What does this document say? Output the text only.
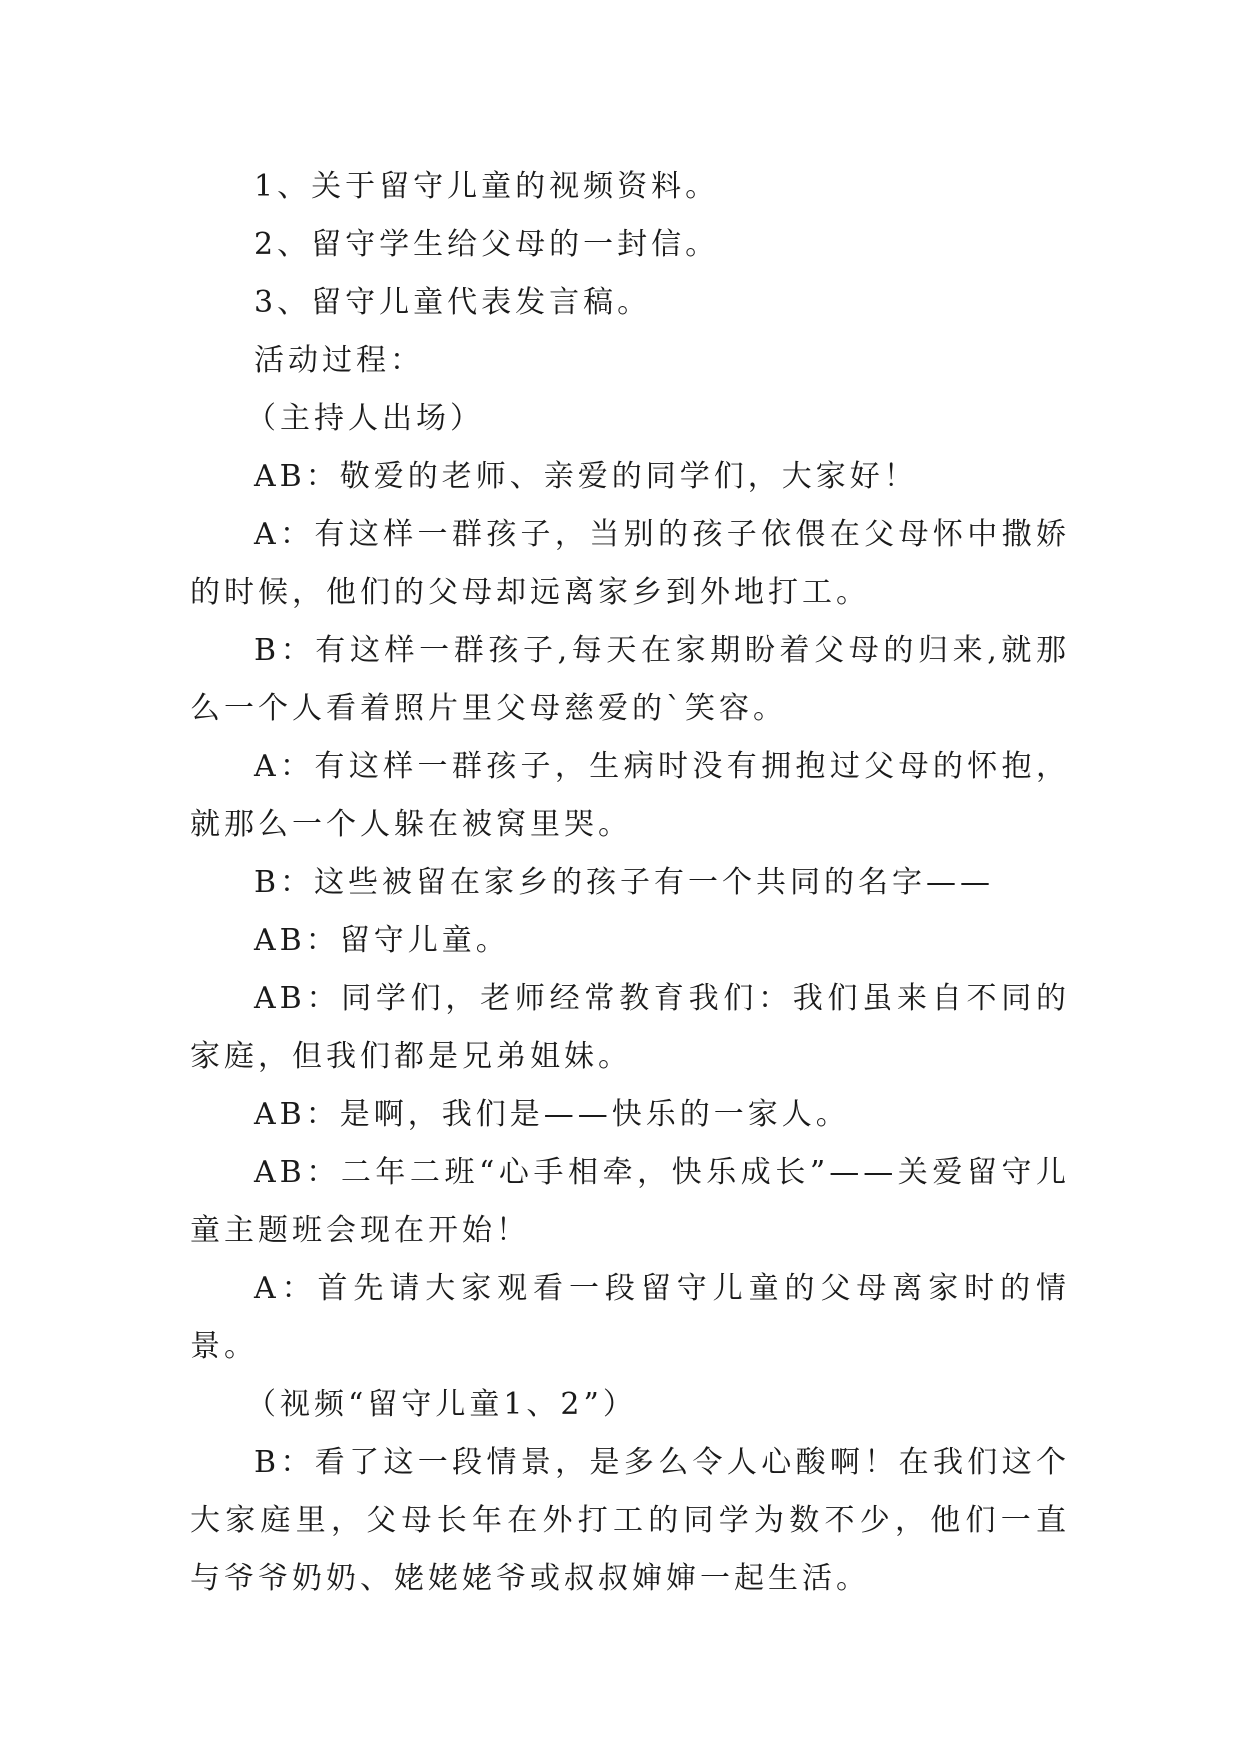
1、关于留守儿童的视频资料。

2、留守学生给父母的一封信。

3、留守儿童代表发言稿。

活动过程：

（主持人出场）

AB：敬爱的老师、亲爱的同学们，大家好！

A：有这样一群孩子，当别的孩子依偎在父母怀中撒娇的时候，他们的父母却远离家乡到外地打工。

B：有这样一群孩子,每天在家期盼着父母的归来,就那么一个人看着照片里父母慈爱的`笑容。

A：有这样一群孩子，生病时没有拥抱过父母的怀抱，就那么一个人躲在被窝里哭。

B：这些被留在家乡的孩子有一个共同的名字——

AB：留守儿童。

AB：同学们，老师经常教育我们：我们虽来自不同的家庭，但我们都是兄弟姐妹。

AB：是啊，我们是——快乐的一家人。

AB：二年二班“心手相牵，快乐成长”——关爱留守儿童主题班会现在开始！

A：首先请大家观看一段留守儿童的父母离家时的情景。

（视频“留守儿童1、2”）

B：看了这一段情景，是多么令人心酸啊！在我们这个大家庭里，父母长年在外打工的同学为数不少，他们一直与爷爷奶奶、姥姥姥爷或叔叔婶婶一起生活。
